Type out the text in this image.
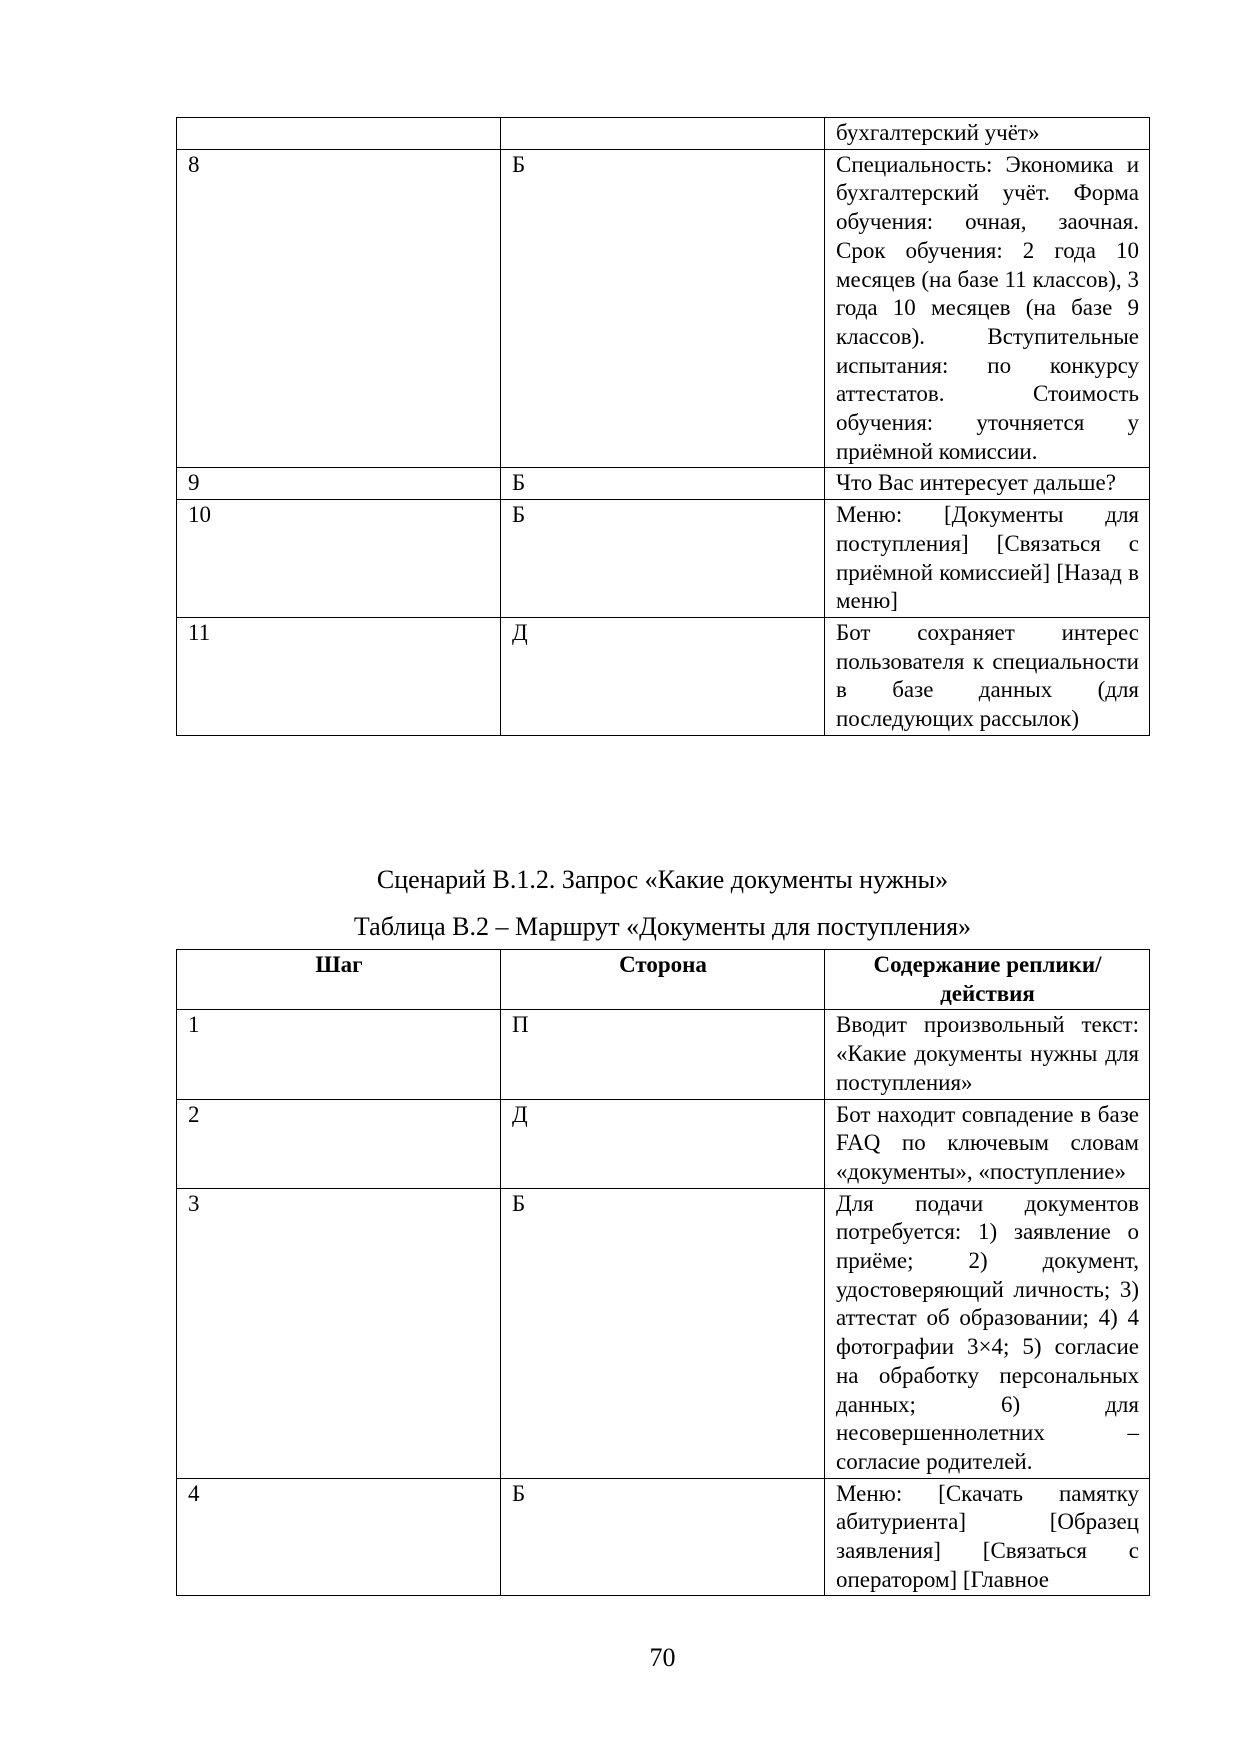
		бухгалтерский учёт»
8	Б	Специальность: Экономика и бухгалтерский учёт. Форма обучения: очная, заочная. Срок обучения: 2 года 10 месяцев (на базе 11 классов), 3 года 10 месяцев (на базе 9 классов). Вступительные испытания: по конкурсу аттестатов. Стоимость обучения: уточняется у приёмной комиссии.
9	Б	Что Вас интересует дальше?
10	Б	Меню: [Документы для поступления] [Связаться с приёмной комиссией] [Назад в меню]
11	Д	Бот сохраняет интерес пользователя к специальности в базе данных (для последующих рассылок)
Сценарий В.1.2. Запрос «Какие документы нужны»
Таблица В.2 – Маршрут «Документы для поступления»
Шаг	Сторона	Содержание реплики/действия
1	П	Вводит произвольный текст: «Какие документы нужны для поступления»
2	Д	Бот находит совпадение в базе FAQ по ключевым словам «документы», «поступление»
3	Б	Для подачи документов потребуется: 1) заявление о приёме; 2) документ, удостоверяющий личность; 3) аттестат об образовании; 4) 4 фотографии 3×4; 5) согласие на обработку персональных данных; 6) для несовершеннолетних – согласие родителей.
4	Б	Меню: [Скачать памятку абитуриента] [Образец заявления] [Связаться с оператором] [Главное
70
